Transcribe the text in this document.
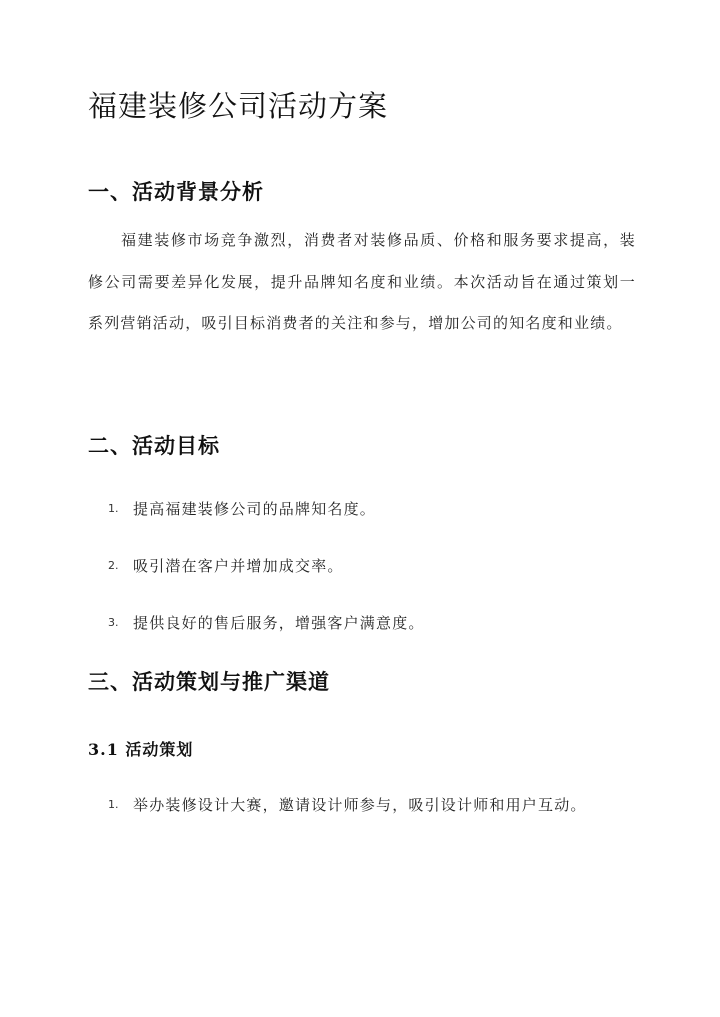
福建装修公司活动方案
一、活动背景分析

福建装修市场竞争激烈，消费者对装修品质、价格和服务要求提高，装修公司需要差异化发展，提升品牌知名度和业绩。本次活动旨在通过策划一系列营销活动，吸引目标消费者的关注和参与，增加公司的知名度和业绩。

二、活动目标
1. 提高福建装修公司的品牌知名度。
2. 吸引潜在客户并增加成交率。
3. 提供良好的售后服务，增强客户满意度。
三、活动策划与推广渠道
3.1 活动策划
1. 举办装修设计大赛，邀请设计师参与，吸引设计师和用户互动。
